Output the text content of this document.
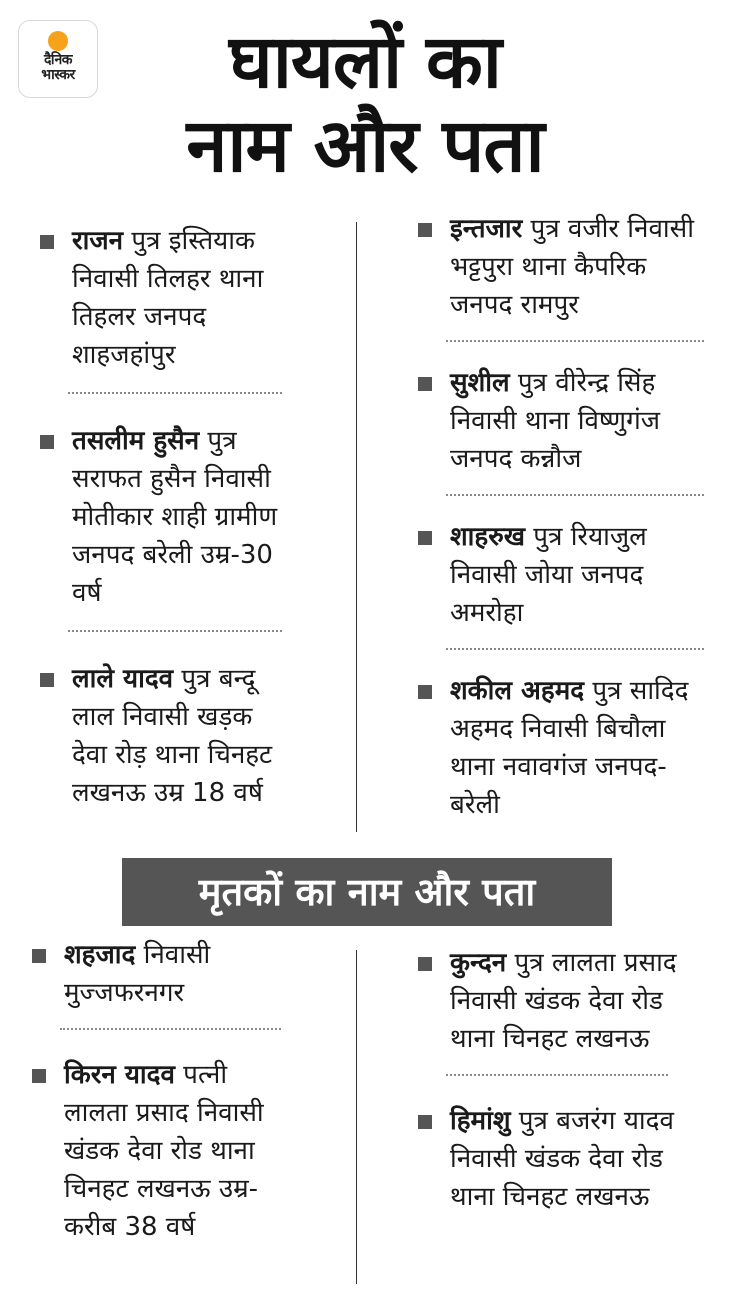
दैनिक
भास्कर	घायलों का
नाम और पता
राजन पुत्र इस्तियाक निवासी तिलहर थाना तिहलर जनपद शाहजहांपुर
तसलीम हुसैन पुत्र सराफत हुसैन निवासी मोतीकार शाही ग्रामीण जनपद बरेली उम्र-30 वर्ष
लाले यादव पुत्र बन्दू लाल निवासी खड़क देवा रोड़ थाना चिनहट लखनऊ उम्र 18 वर्ष
इन्तजार पुत्र वजीर निवासी भट्टपुरा थाना कैपरिक जनपद रामपुर
सुशील पुत्र वीरेन्द्र सिंह निवासी थाना विष्णुगंज जनपद कन्नौज
शाहरुख पुत्र रियाजुल निवासी जोया जनपद अमरोहा
शकील अहमद पुत्र सादिद अहमद निवासी बिचौला थाना नवावगंज जनपद- बरेली
मृतकों का नाम और पता
शहजाद निवासी मुज्जफरनगर
किरन यादव पत्नी लालता प्रसाद निवासी खंडक देवा रोड थाना चिनहट लखनऊ उम्र-करीब 38 वर्ष
कुन्दन पुत्र लालता प्रसाद निवासी खंडक देवा रोड थाना चिनहट लखनऊ
हिमांशु पुत्र बजरंग यादव निवासी खंडक देवा रोड थाना चिनहट लखनऊ
